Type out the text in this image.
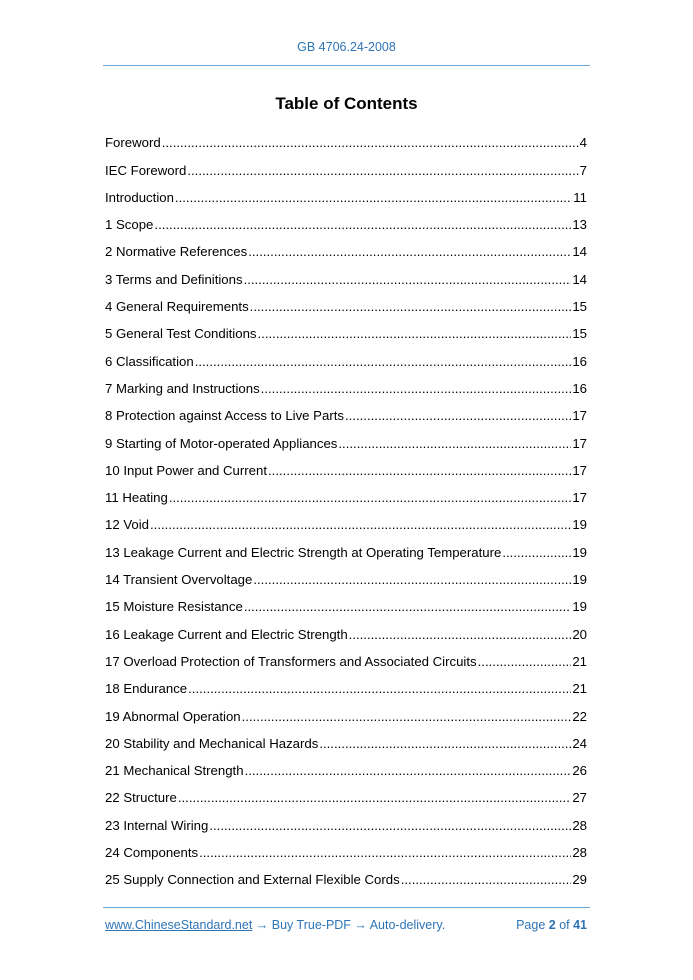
GB 4706.24-2008
Table of Contents
Foreword .....	4
IEC Foreword .....	7
Introduction .....	11
1 Scope .....	13
2 Normative References .....	14
3 Terms and Definitions .....	14
4 General Requirements .....	15
5 General Test Conditions .....	15
6 Classification .....	16
7 Marking and Instructions .....	16
8 Protection against Access to Live Parts .....	17
9 Starting of Motor-operated Appliances .....	17
10 Input Power and Current .....	17
11 Heating .....	17
12 Void .....	19
13 Leakage Current and Electric Strength at Operating Temperature .....	19
14 Transient Overvoltage .....	19
15 Moisture Resistance .....	19
16 Leakage Current and Electric Strength .....	20
17 Overload Protection of Transformers and Associated Circuits .....	21
18 Endurance .....	21
19 Abnormal Operation .....	22
20 Stability and Mechanical Hazards .....	24
21 Mechanical Strength .....	26
22 Structure .....	27
23 Internal Wiring .....	28
24 Components .....	28
25 Supply Connection and External Flexible Cords .....	29
www.ChineseStandard.net → Buy True-PDF → Auto-delivery.	Page 2 of 41
